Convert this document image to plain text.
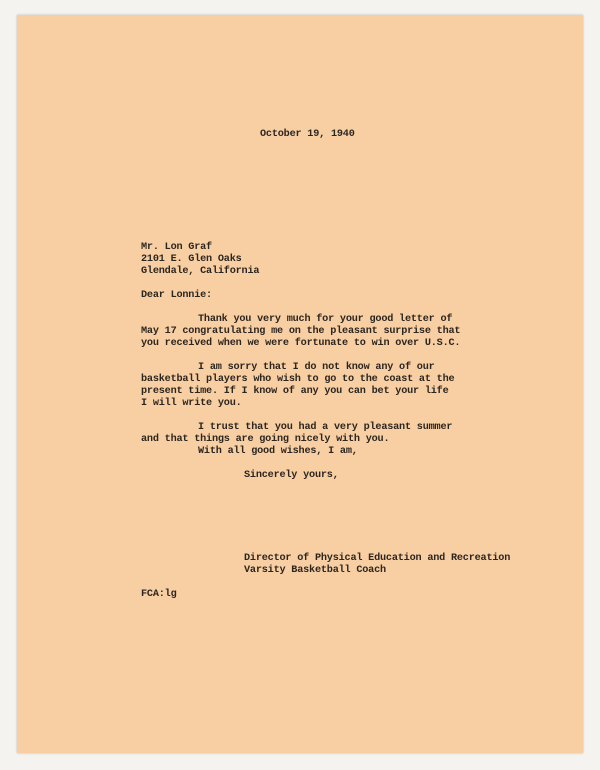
October 19, 1940
Mr. Lon Graf
2101 E. Glen Oaks
Glendale, California
Dear Lonnie:
Thank you very much for your good letter of
May 17 congratulating me on the pleasant surprise that
you received when we were fortunate to win over U.S.C.
I am sorry that I do not know any of our
basketball players who wish to go to the coast at the
present time. If I know of any you can bet your life
I will write you.
I trust that you had a very pleasant summer
and that things are going nicely with you.
With all good wishes, I am,
Sincerely yours,
Director of Physical Education and Recreation
Varsity Basketball Coach
FCA:lg
